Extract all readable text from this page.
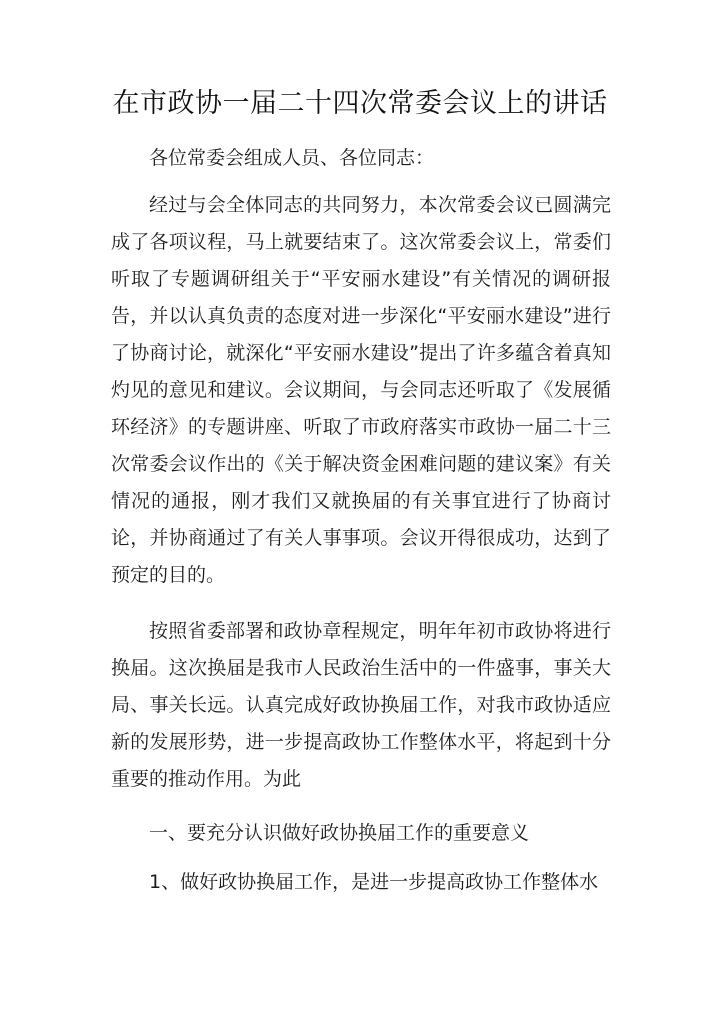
在市政协一届二十四次常委会议上的讲话

各位常委会组成人员、各位同志：

经过与会全体同志的共同努力，本次常委会议已圆满完成了各项议程，马上就要结束了。这次常委会议上，常委们听取了专题调研组关于“平安丽水建设”有关情况的调研报告，并以认真负责的态度对进一步深化“平安丽水建设”进行了协商讨论，就深化“平安丽水建设”提出了许多蕴含着真知灼见的意见和建议。会议期间，与会同志还听取了《发展循环经济》的专题讲座、听取了市政府落实市政协一届二十三次常委会议作出的《关于解决资金困难问题的建议案》有关情况的通报，刚才我们又就换届的有关事宜进行了协商讨论，并协商通过了有关人事事项。会议开得很成功，达到了预定的目的。

按照省委部署和政协章程规定，明年年初市政协将进行换届。这次换届是我市人民政治生活中的一件盛事，事关大局、事关长远。认真完成好政协换届工作，对我市政协适应新的发展形势，进一步提高政协工作整体水平，将起到十分重要的推动作用。为此

一、要充分认识做好政协换届工作的重要意义

1、做好政协换届工作，是进一步提高政协工作整体水
